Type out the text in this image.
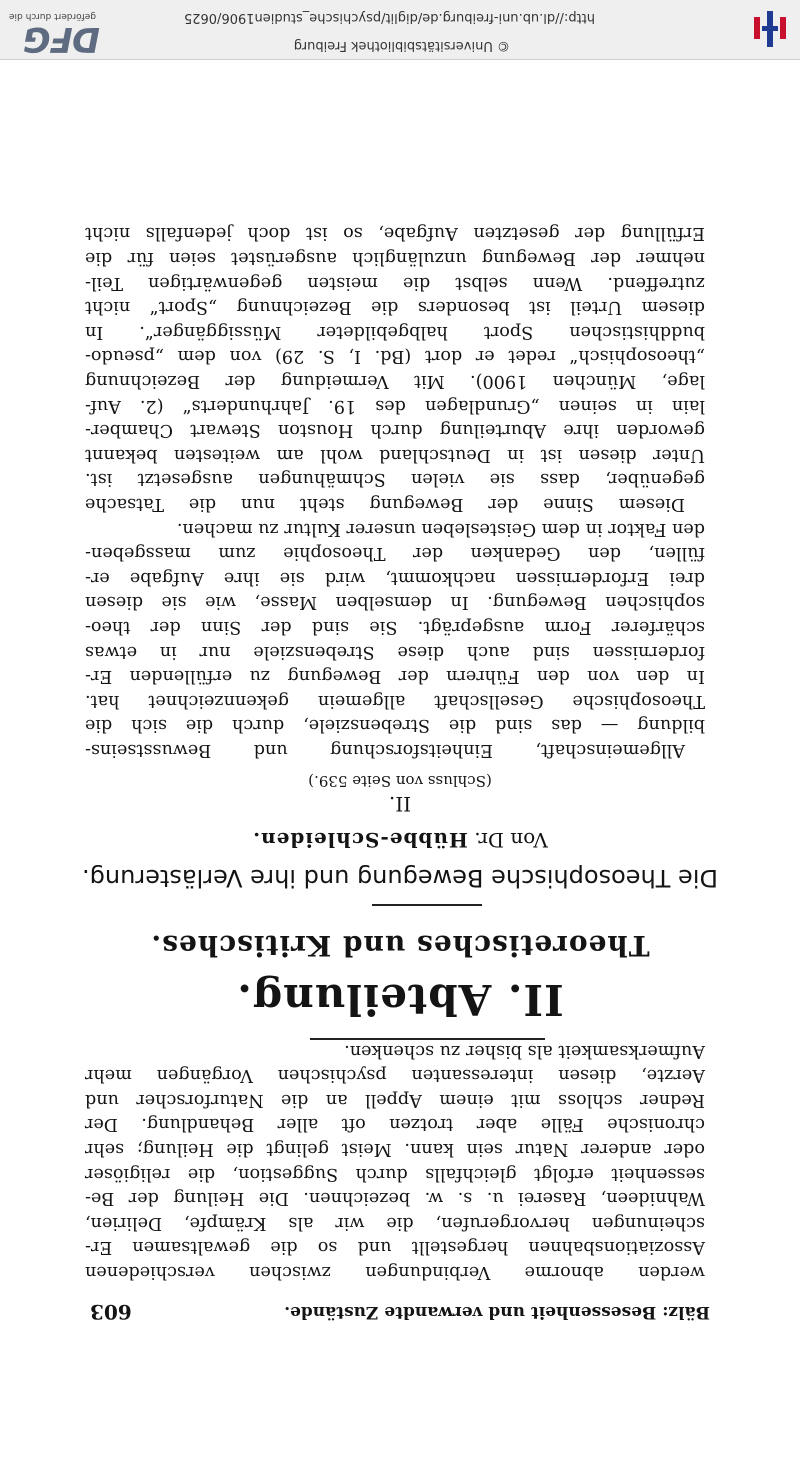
http://dl.ub.uni-freiburg.de/diglit/psychische_studien1906/0625
© Universitätsbibliothek Freiburg
DFG
gefördert durch die
Bälz: Besessenheit und verwandte Zustände.
603
werden abnorme Verbindungen zwischen verschiedenen
Assoziationsbahnen hergestellt und so die gewaltsamen Er-
scheinungen hervorgerufen, die wir als Krämpfe, Delirien,
Wahnideen, Raserei u. s. w. bezeichnen. Die Heilung der Be-
sessenheit erfolgt gleichfalls durch Suggestion, die religiöser
oder anderer Natur sein kann. Meist gelingt die Heilung; sehr
chronische Fälle aber trotzen oft aller Behandlung. Der
Redner schloss mit einem Appell an die Naturforscher und
Aerzte, diesen interessanten psychischen Vorgängen mehr
Aufmerksamkeit als bisher zu schenken.
II. Abteilung.
Theoretisches und Kritisches.
Die Theosophische Bewegung und ihre Verlästerung.
Von Dr. Hübbe-Schleiden.
II.
(Schluss von Seite 539.)
Allgemeinschaft, Einheitsforschung und Bewusstseins-
bildung — das sind die Strebensziele, durch die sich die
Theosophische Gesellschaft allgemein gekennzeichnet hat.
In den von den Führern der Bewegung zu erfüllenden Er-
fordernissen sind auch diese Strebensziele nur in etwas
schärferer Form ausgeprägt. Sie sind der Sinn der theo-
sophischen Bewegung. In demselben Masse, wie sie diesen
drei Erfordernissen nachkommt, wird sie ihre Aufgabe er-
füllen, den Gedanken der Theosophie zum massgeben-
den Faktor in dem Geistesleben unserer Kultur zu machen.
Diesem Sinne der Bewegung steht nun die Tatsache
gegenüber, dass sie vielen Schmähungen ausgesetzt ist.
Unter diesen ist in Deutschland wohl am weitesten bekannt
geworden ihre Aburteilung durch Houston Stewart Chamber-
lain in seinen „Grundlagen des 19. Jahrhunderts“ (2. Auf-
lage, München 1900). Mit Vermeidung der Bezeichnung
„theosophisch“ redet er dort (Bd. I, S. 29) von dem „pseudo-
buddhistischen Sport halbgebildeter Müssiggänger“. In
diesem Urteil ist besonders die Bezeichnung „Sport“ nicht
zutreffend. Wenn selbst die meisten gegenwärtigen Teil-
nehmer der Bewegung unzulänglich ausgerüstet seien für die
Erfüllung der gesetzten Aufgabe, so ist doch jedenfalls nicht
